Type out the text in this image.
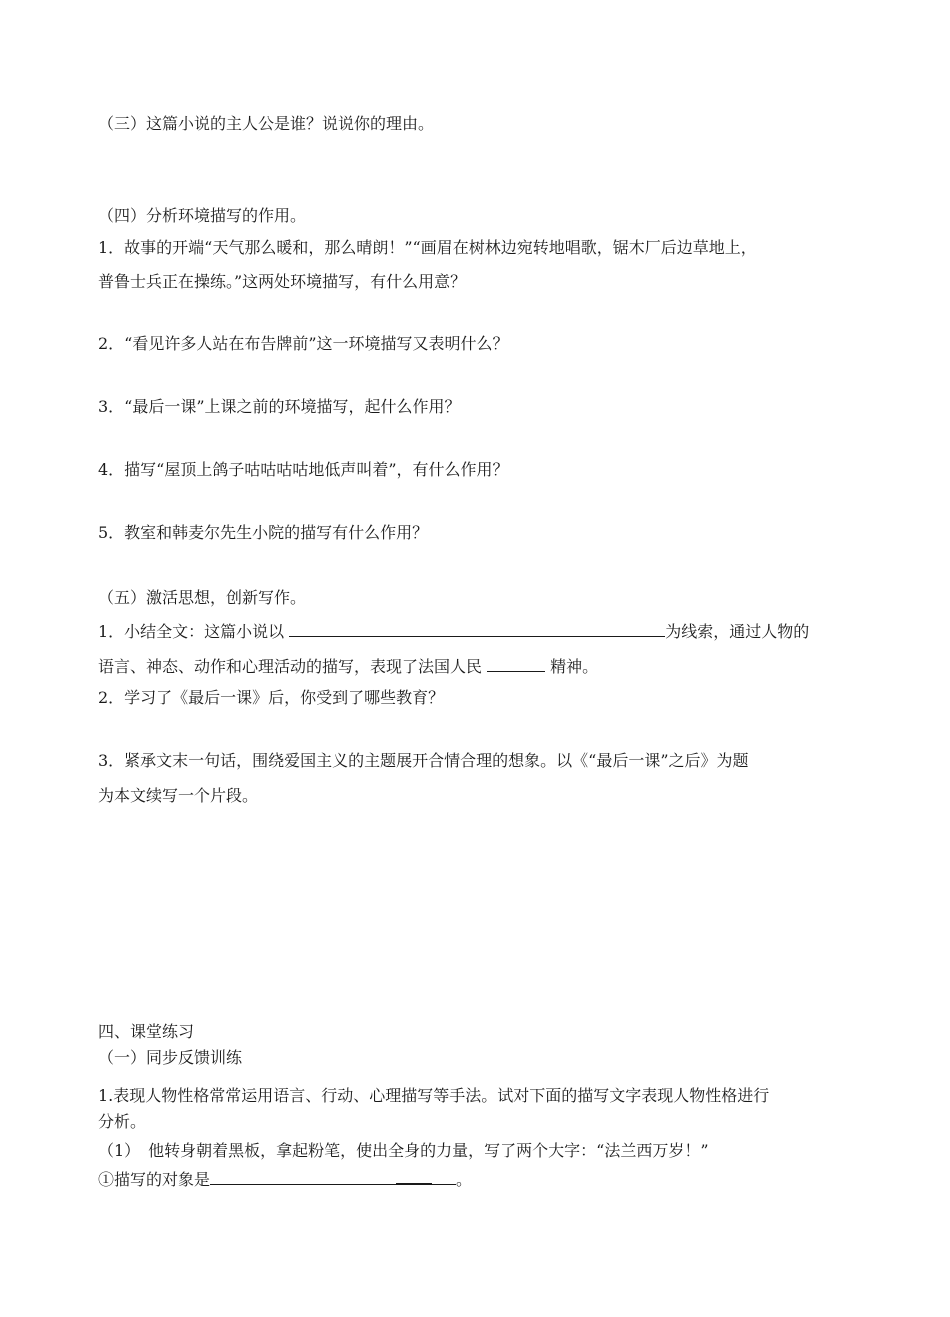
（三）这篇小说的主人公是谁？说说你的理由。
（四）分析环境描写的作用。
1．故事的开端“天气那么暖和，那么晴朗！”“画眉在树林边宛转地唱歌，锯木厂后边草地上，
普鲁士兵正在操练。”这两处环境描写，有什么用意？
2．“看见许多人站在布告牌前”这一环境描写又表明什么？
3．“最后一课”上课之前的环境描写，起什么作用？
4．描写“屋顶上鸽子咕咕咕咕地低声叫着”，有什么作用？
5．教室和韩麦尔先生小院的描写有什么作用？
（五）激活思想，创新写作。
1．小结全文：这篇小说以	为线索，通过人物的
语言、神态、动作和心理活动的描写，表现了法国人民	精神。
2．学习了《最后一课》后，你受到了哪些教育？
3．紧承文末一句话，围绕爱国主义的主题展开合情合理的想象。以《“最后一课”之后》为题
为本文续写一个片段。
四、课堂练习
（一）同步反馈训练
1.表现人物性格常常运用语言、行动、心理描写等手法。试对下面的描写文字表现人物性格进行
分析。
（1）　他转身朝着黑板，拿起粉笔，使出全身的力量，写了两个大字：“法兰西万岁！”
①描写的对象是	。
